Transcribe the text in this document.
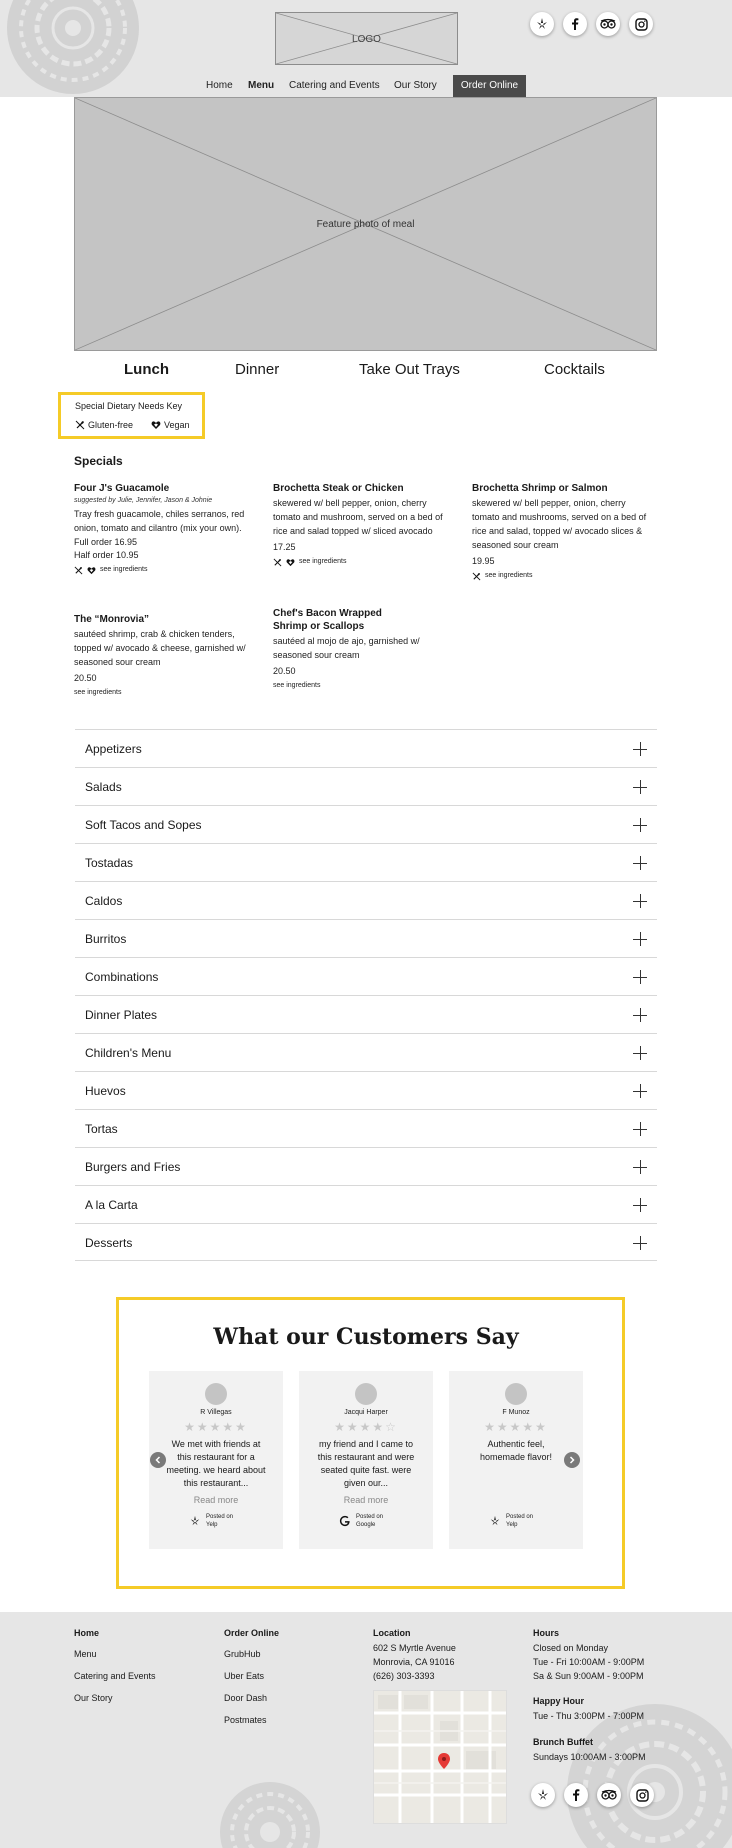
LOGO
Home Menu Catering and Events Our Story	Order Online
Feature photo of meal
Lunch	Dinner	Take Out Trays	Cocktails
Special Dietary Needs Key
Gluten-free	Vegan
Specials
Four J's Guacamole
suggested by Julie, Jennifer, Jason & Johnie
Tray fresh guacamole, chiles serranos, red onion, tomato and cilantro (mix your own).
Full order 16.95
Half order 10.95
see ingredients
Brochetta Steak or Chicken
skewered w/ bell pepper, onion, cherry tomato and mushroom, served on a bed of rice and salad topped w/ sliced avocado
17.25
see ingredients
Brochetta Shrimp or Salmon
skewered w/ bell pepper, onion, cherry tomato and mushrooms, served on a bed of rice and salad, topped w/ avocado slices & seasoned sour cream
19.95
see ingredients
The “Monrovia”
sautéed shrimp, crab & chicken tenders, topped w/ avocado & cheese, garnished w/ seasoned sour cream
20.50
see ingredients
Chef's Bacon Wrapped Shrimp or Scallops
sautéed al mojo de ajo, garnished w/ seasoned sour cream
20.50
see ingredients
Appetizers
Salads
Soft Tacos and Sopes
Tostadas
Caldos
Burritos
Combinations
Dinner Plates
Children's Menu
Huevos
Tortas
Burgers and Fries
A la Carta
Desserts
What our Customers Say
R Villegas
★★★★★
We met with friends at this restaurant for a meeting. we heard about this restaurant...
Read more
Posted on
Yelp
Jacqui Harper
★★★★☆
my friend and I came to this restaurant and were seated quite fast. were given our...
Read more
Posted on
Google
F Munoz
★★★★★
Authentic feel, homemade flavor!
Posted on
Yelp
Home
Menu
Catering and Events
Our Story
Order Online
GrubHub
Uber Eats
Door Dash
Postmates
Location
602 S Myrtle Avenue
Monrovia, CA 91016
(626) 303-3393
Hours
Closed on Monday
Tue - Fri 10:00AM - 9:00PM
Sa & Sun 9:00AM - 9:00PM
Happy Hour
Tue - Thu 3:00PM - 7:00PM
Brunch Buffet
Sundays 10:00AM - 3:00PM
